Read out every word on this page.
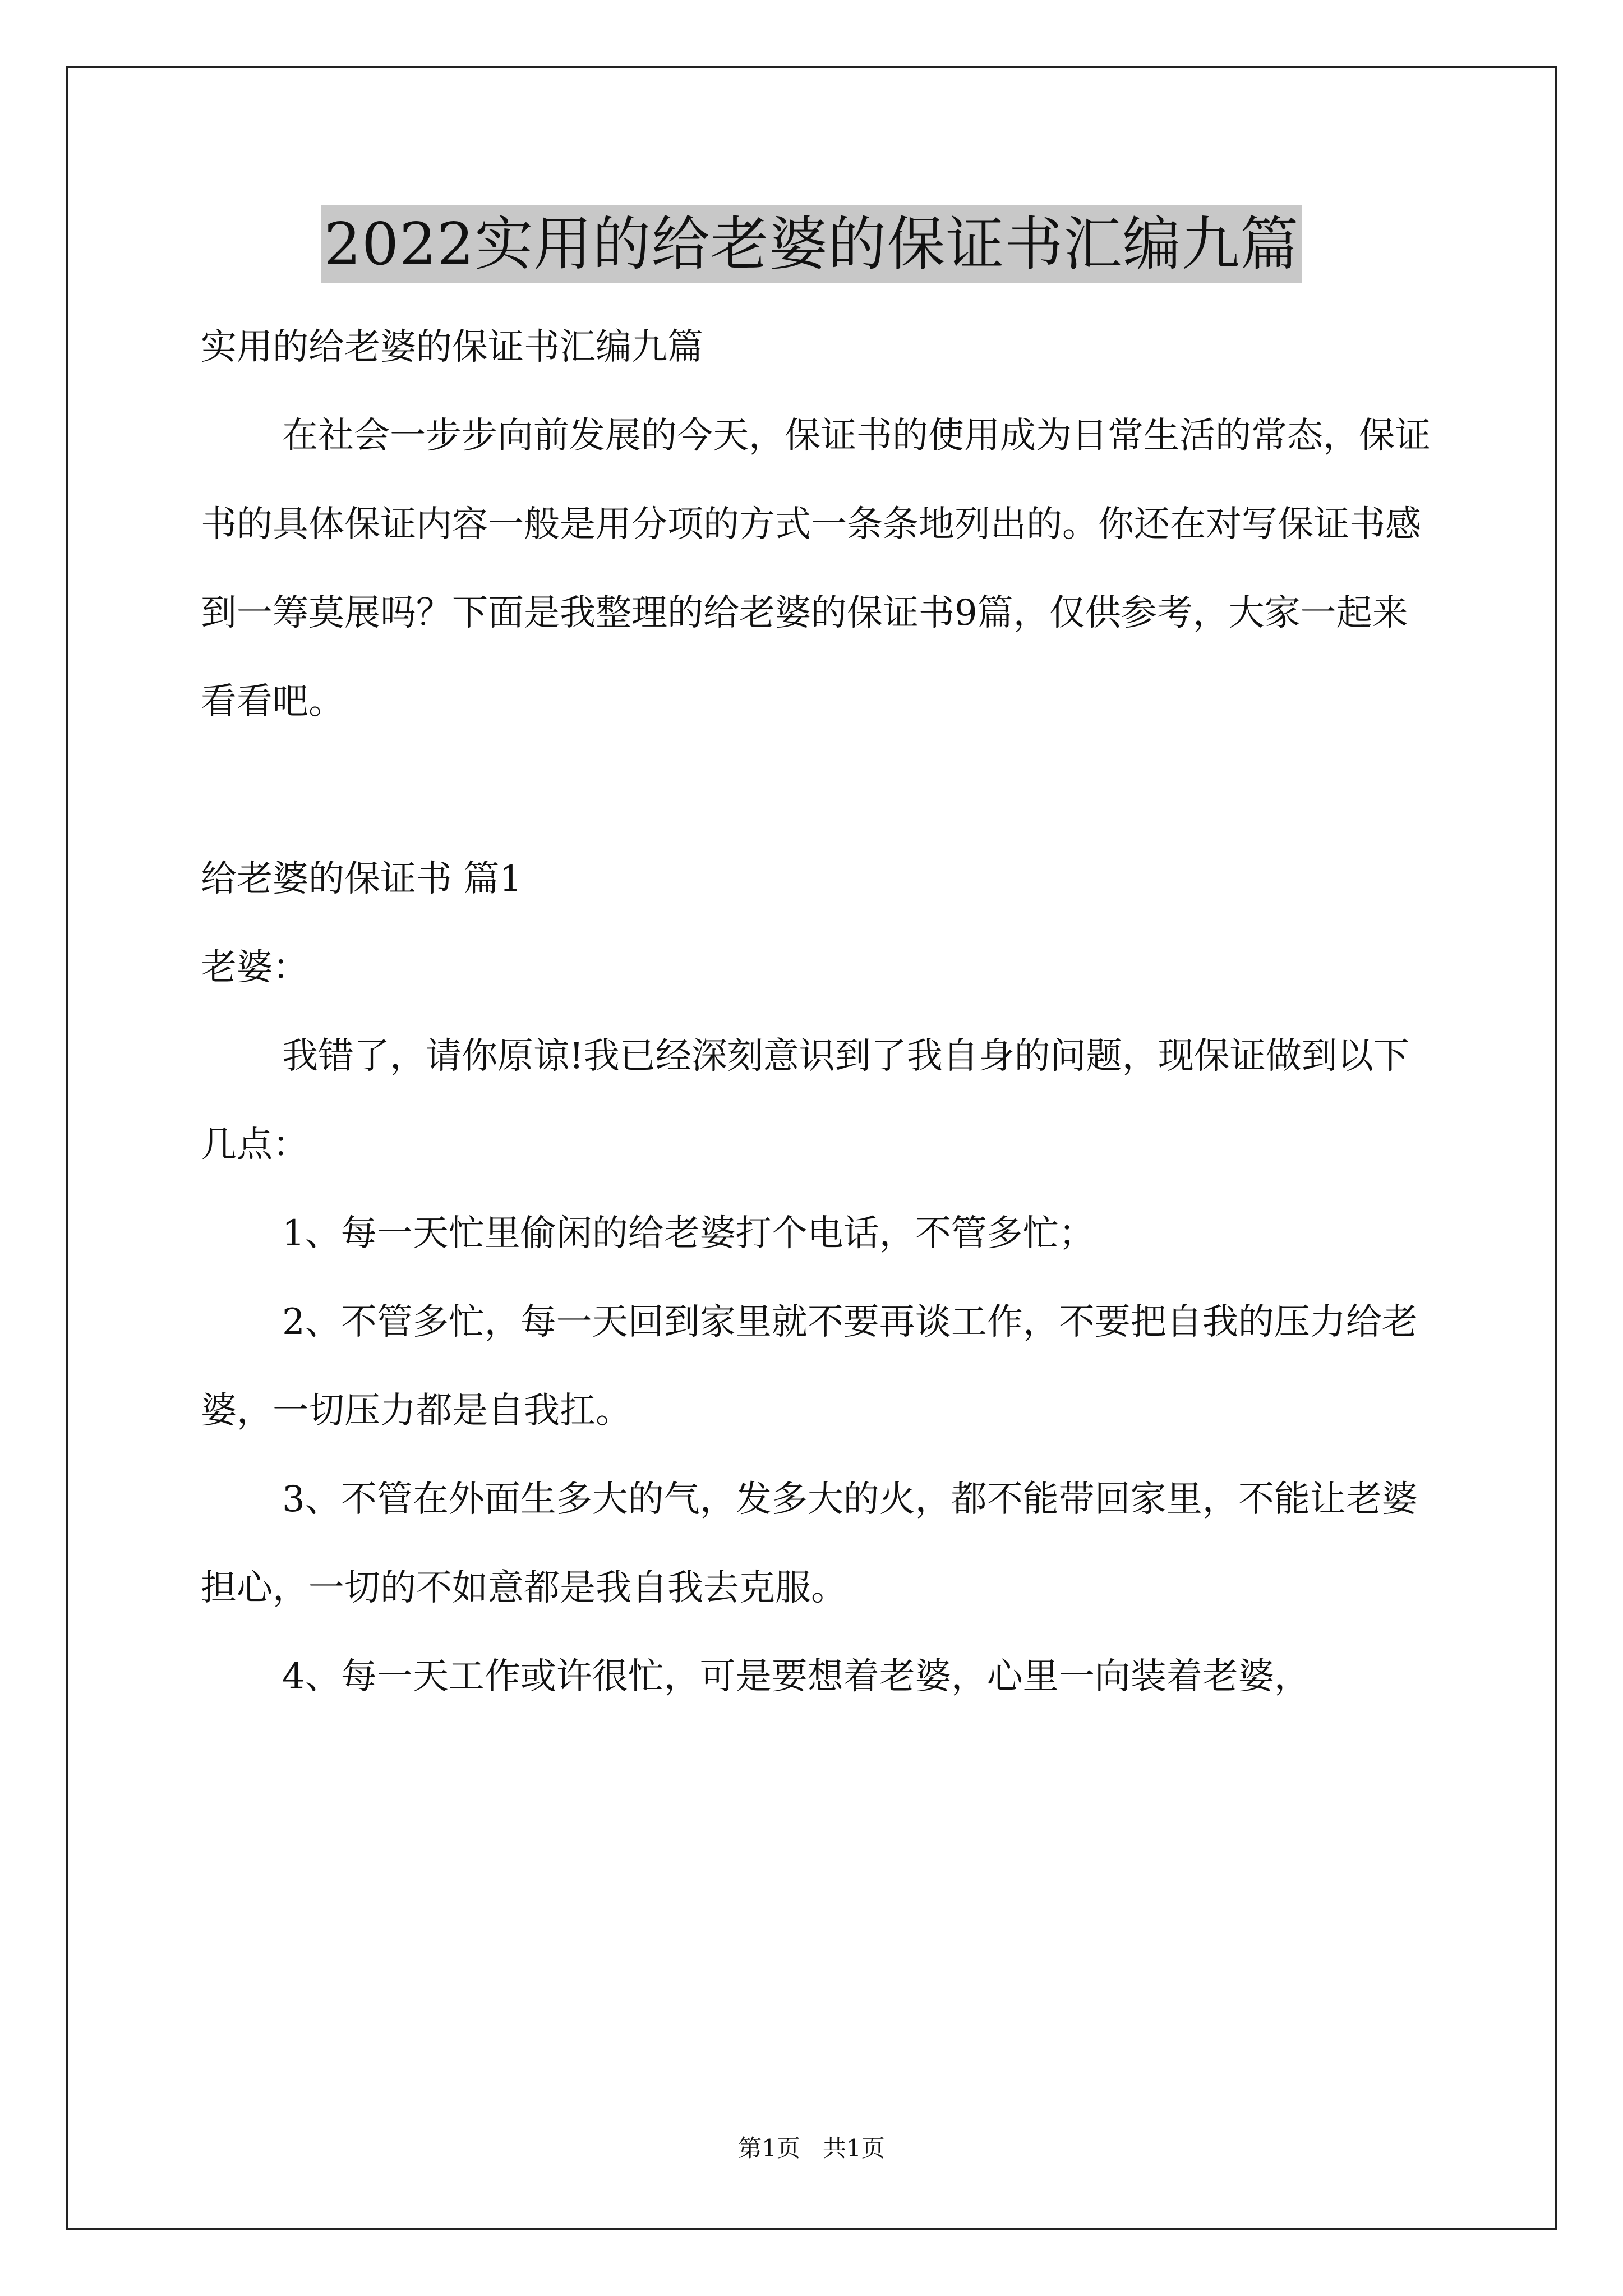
2022实用的给老婆的保证书汇编九篇

实用的给老婆的保证书汇编九篇

在社会一步步向前发展的今天，保证书的使用成为日常生活的常态，保证书的具体保证内容一般是用分项的方式一条条地列出的。你还在对写保证书感到一筹莫展吗？下面是我整理的给老婆的保证书9篇，仅供参考，大家一起来看看吧。

给老婆的保证书 篇1

老婆：

我错了，请你原谅!我已经深刻意识到了我自身的问题，现保证做到以下几点：

1、每一天忙里偷闲的给老婆打个电话，不管多忙；

2、不管多忙，每一天回到家里就不要再谈工作，不要把自我的压力给老婆，一切压力都是自我扛。

3、不管在外面生多大的气，发多大的火，都不能带回家里，不能让老婆担心，一切的不如意都是我自我去克服。

4、每一天工作或许很忙，可是要想着老婆，心里一向装着老婆，

第1页   共1页
